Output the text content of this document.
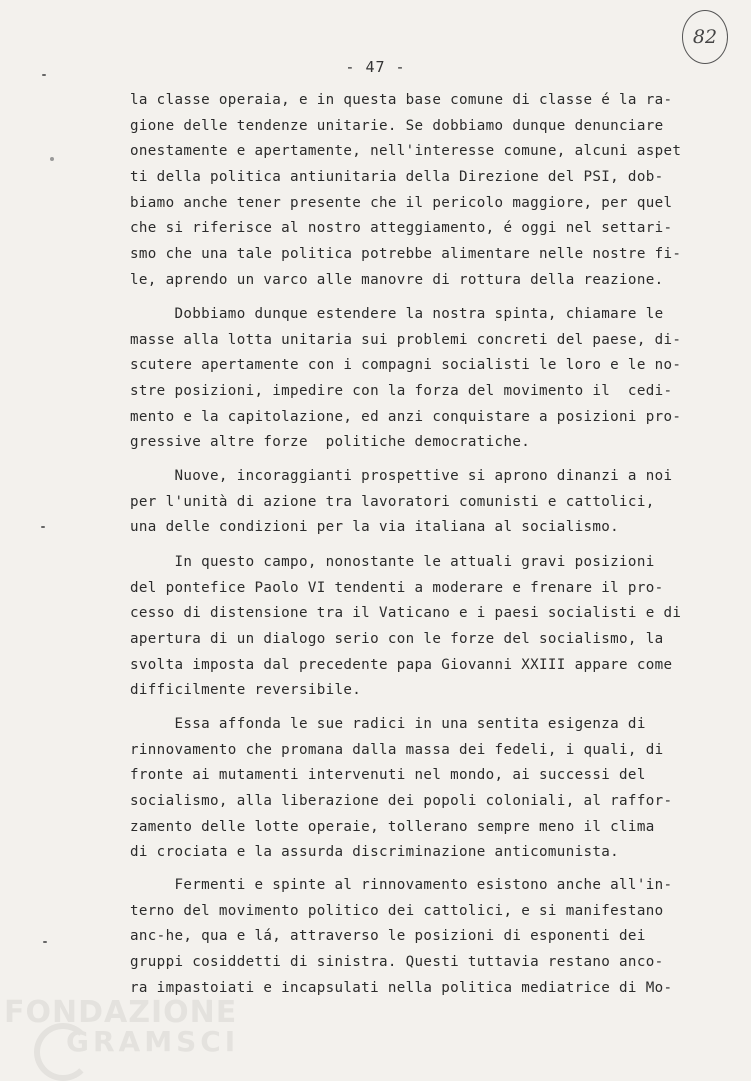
82
- 47 -
la classe operaia, e in questa base comune di classe é la ra-
gione delle tendenze unitarie. Se dobbiamo dunque denunciare
onestamente e apertamente, nell'interesse comune, alcuni aspet
ti della politica antiunitaria della Direzione del PSI, dob-
biamo anche tener presente che il pericolo maggiore, per quel
che si riferisce al nostro atteggiamento, é oggi nel settari-
smo che una tale politica potrebbe alimentare nelle nostre fi-
le, aprendo un varco alle manovre di rottura della reazione.
Dobbiamo dunque estendere la nostra spinta, chiamare le
masse alla lotta unitaria sui problemi concreti del paese, di-
scutere apertamente con i compagni socialisti le loro e le no-
stre posizioni, impedire con la forza del movimento il  cedi-
mento e la capitolazione, ed anzi conquistare a posizioni pro-
gressive altre forze  politiche democratiche.
Nuove, incoraggianti prospettive si aprono dinanzi a noi
per l'unità di azione tra lavoratori comunisti e cattolici,
una delle condizioni per la via italiana al socialismo.
In questo campo, nonostante le attuali gravi posizioni
del pontefice Paolo VI tendenti a moderare e frenare il pro-
cesso di distensione tra il Vaticano e i paesi socialisti e di
apertura di un dialogo serio con le forze del socialismo, la
svolta imposta dal precedente papa Giovanni XXIII appare come
difficilmente reversibile.
Essa affonda le sue radici in una sentita esigenza di
rinnovamento che promana dalla massa dei fedeli, i quali, di
fronte ai mutamenti intervenuti nel mondo, ai successi del
socialismo, alla liberazione dei popoli coloniali, al raffor-
zamento delle lotte operaie, tollerano sempre meno il clima
di crociata e la assurda discriminazione anticomunista.
Fermenti e spinte al rinnovamento esistono anche all'in-
terno del movimento politico dei cattolici, e si manifestano
anc-he, qua e lá, attraverso le posizioni di esponenti dei
gruppi cosiddetti di sinistra. Questi tuttavia restano anco-
ra impastoiati e incapsulati nella politica mediatrice di Mo-
FONDAZIONE
GRAMSCI
